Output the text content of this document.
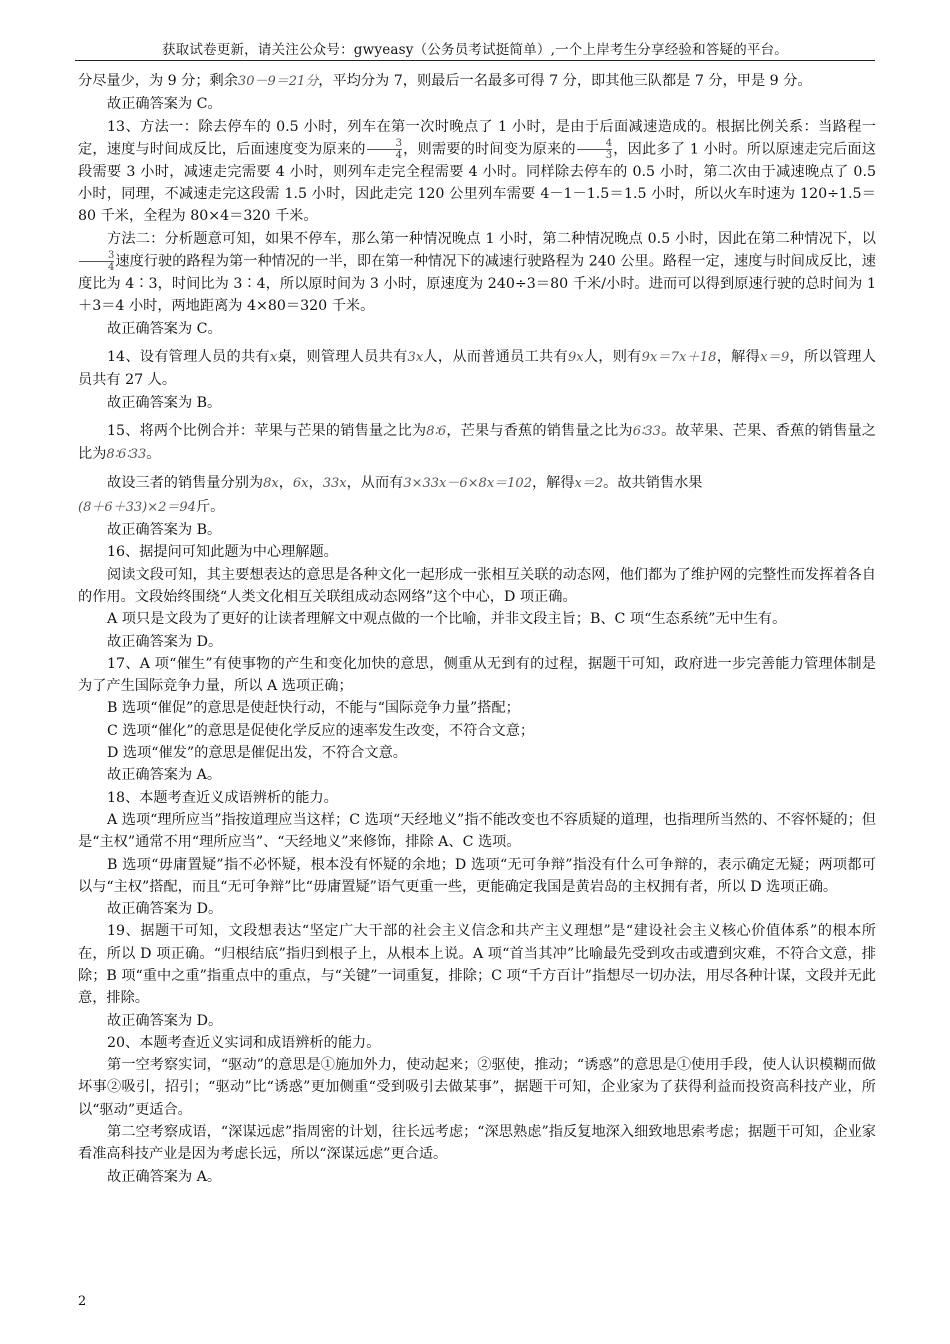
获取试卷更新，请关注公众号：gwyeasy（公务员考试挺简单）,一个上岸考生分享经验和答疑的平台。

分尽量少，为 9 分；剩余30－9＝21分，平均分为 7，则最后一名最多可得 7 分，即其他三队都是 7 分，甲是 9 分。

故正确答案为 C。

13、方法一：除去停车的 0.5 小时，列车在第一次时晚点了 1 小时，是由于后面减速造成的。根据比例关系：当路程一定，速度与时间成反比，后面速度变为原来的 $\frac{3}{4}$ ，则需要的时间变为原来的 $\frac{4}{3}$ ，因此多了 1 小时。所以原速走完后面这段需要 3 小时，减速走完需要 4 小时，则列车走完全程需要 4 小时。同样除去停车的 0.5 小时，第二次由于减速晚点了 0.5 小时，同理，不减速走完这段需 1.5 小时，因此走完 120 公里列车需要 4－1－1.5＝1.5 小时，所以火车时速为 120÷1.5＝80 千米，全程为 80×4＝320 千米。

方法二：分析题意可知，如果不停车，那么第一种情况晚点 1 小时，第二种情况晚点 0.5 小时，因此在第二种情况下，以
$\frac{3}{4}$ 速度行驶的路程为第一种情况的一半，即在第一种情况下的减速行驶路程为 240 公里。路程一定，速度与时间成反比，速度比为 4∶3，时间比为 3∶4，所以原时间为 3 小时，原速度为 240÷3＝80 千米/小时。进而可以得到原速行驶的总时间为 1＋3＝4 小时，两地距离为 4×80＝320 千米。

故正确答案为 C。

14、设有管理人员的共有x桌，则管理人员共有3x人，从而普通员工共有9x人，则有9x＝7x＋18，解得x＝9，所以管理人员共有 27 人。

故正确答案为 B。

15、将两个比例合并：苹果与芒果的销售量之比为8∶6，芒果与香蕉的销售量之比为6∶33。故苹果、芒果、香蕉的销售量之比为8∶6∶33。

故设三者的销售量分别为8x，6x，33x，从而有3×33x－6×8x＝102，解得x＝2。故共销售水果
(8＋6＋33)×2＝94斤。

故正确答案为 B。

16、据提问可知此题为中心理解题。

阅读文段可知，其主要想表达的意思是各种文化一起形成一张相互关联的动态网，他们都为了维护网的完整性而发挥着各自的作用。文段始终围绕“人类文化相互关联组成动态网络”这个中心，D 项正确。

A 项只是文段为了更好的让读者理解文中观点做的一个比喻，并非文段主旨；B、C 项“生态系统”无中生有。

故正确答案为 D。

17、A 项“催生”有使事物的产生和变化加快的意思，侧重从无到有的过程，据题干可知，政府进一步完善能力管理体制是为了产生国际竞争力量，所以 A 选项正确；

B 选项“催促”的意思是使赶快行动，不能与“国际竞争力量”搭配；

C 选项“催化”的意思是促使化学反应的速率发生改变，不符合文意；

D 选项“催发”的意思是催促出发，不符合文意。

故正确答案为 A。

18、本题考查近义成语辨析的能力。

A 选项“理所应当”指按道理应当这样；C 选项“天经地义”指不能改变也不容质疑的道理，也指理所当然的、不容怀疑的；但是“主权”通常不用“理所应当”、“天经地义”来修饰，排除 A、C 选项。

B 选项“毋庸置疑”指不必怀疑，根本没有怀疑的余地；D 选项“无可争辩”指没有什么可争辩的，表示确定无疑；两项都可以与“主权”搭配，而且“无可争辩”比“毋庸置疑”语气更重一些，更能确定我国是黄岩岛的主权拥有者，所以 D 选项正确。

故正确答案为 D。

19、据题干可知，文段想表达“坚定广大干部的社会主义信念和共产主义理想”是“建设社会主义核心价值体系”的根本所在，所以 D 项正确。“归根结底”指归到根子上，从根本上说。A 项“首当其冲”比喻最先受到攻击或遭到灾难，不符合文意，排除；B 项“重中之重”指重点中的重点，与“关键”一词重复，排除；C 项“千方百计”指想尽一切办法，用尽各种计谋，文段并无此意，排除。

故正确答案为 D。

20、本题考查近义实词和成语辨析的能力。

第一空考察实词，“驱动”的意思是①施加外力，使动起来；②驱使，推动；“诱惑”的意思是①使用手段，使人认识模糊而做坏事②吸引，招引；“驱动”比“诱惑”更加侧重“受到吸引去做某事”，据题干可知，企业家为了获得利益而投资高科技产业，所以“驱动”更适合。

第二空考察成语，“深谋远虑”指周密的计划，往长远考虑；“深思熟虑”指反复地深入细致地思索考虑；据题干可知，企业家看准高科技产业是因为考虑长远，所以“深谋远虑”更合适。

故正确答案为 A。

2
